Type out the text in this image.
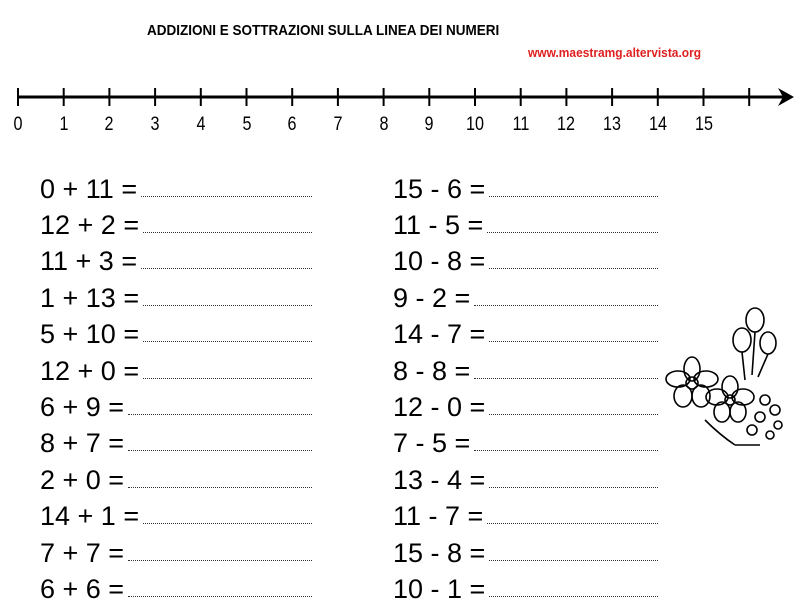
ADDIZIONI E SOTTRAZIONI SULLA LINEA DEI NUMERI
www.maestramg.altervista.org
0 1 2 3 4 5 6 7 8 9 10 11 12 13 14 15
0 + 11 =
12 + 2 =
11 + 3 =
1 + 13 =
5 + 10 =
12 + 0 =
6 + 9 =
8 + 7 =
2 + 0 =
14 + 1 =
7 + 7 =
6 + 6 =
15 - 6 =
11 - 5 =
10 - 8 =
9 - 2 =
14 - 7 =
8 - 8 =
12 - 0 =
7 - 5 =
13 - 4 =
11 - 7 =
15 - 8 =
10 - 1 =
